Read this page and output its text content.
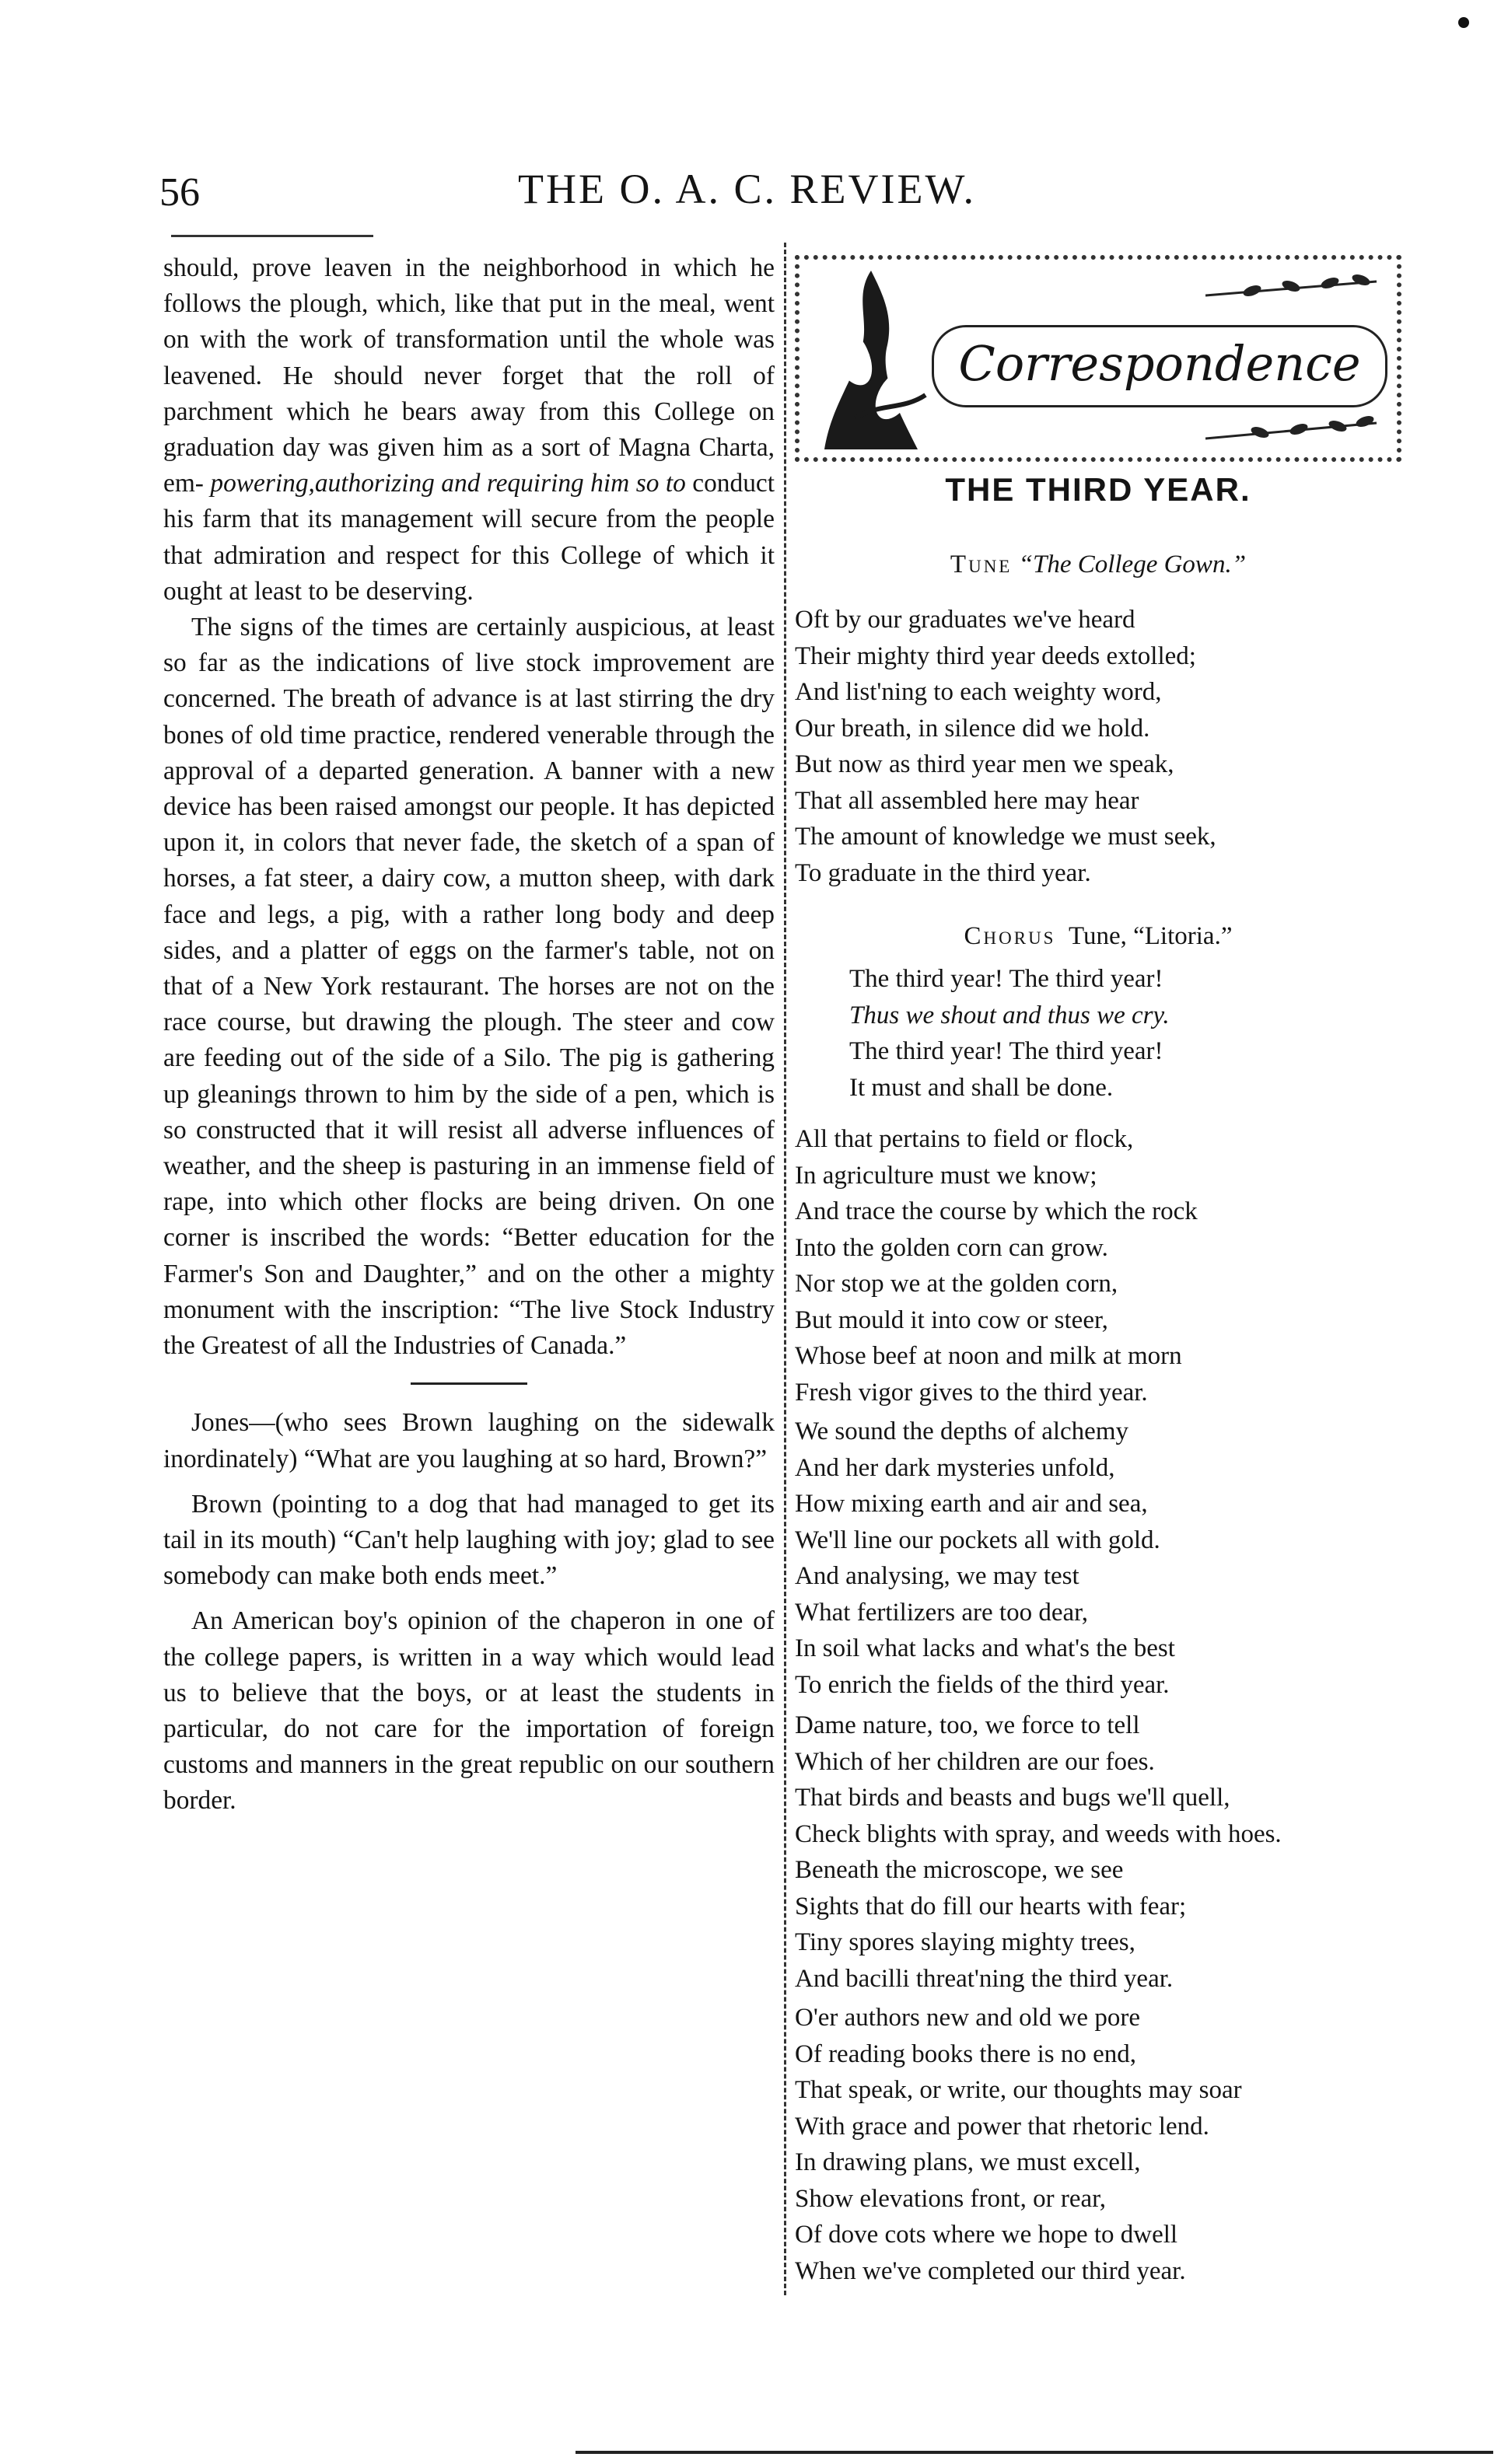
56	THE O. A. C. REVIEW.

should, prove leaven in the neighborhood in which he follows the plough, which, like that put in the meal, went on with the work of transformation until the whole was leavened. He should never forget that the roll of parchment which he bears away from this College on graduation day was given him as a sort of Magna Charta, em- powering,authorizing and requiring him so to conduct his farm that its management will secure from the people that admiration and respect for this College of which it ought at least to be deserving.

The signs of the times are certainly auspicious, at least so far as the indications of live stock improvement are concerned. The breath of advance is at last stirring the dry bones of old time practice, rendered venerable through the approval of a departed generation. A banner with a new device has been raised amongst our people. It has depicted upon it, in colors that never fade, the sketch of a span of horses, a fat steer, a dairy cow, a mutton sheep, with dark face and legs, a pig, with a rather long body and deep sides, and a platter of eggs on the farmer's table, not on that of a New York restaurant. The horses are not on the race course, but drawing the plough. The steer and cow are feeding out of the side of a Silo. The pig is gathering up gleanings thrown to him by the side of a pen, which is so constructed that it will resist all adverse influences of weather, and the sheep is pasturing in an immense field of rape, into which other flocks are being driven. On one corner is inscribed the words: “Better education for the Farmer's Son and Daughter,” and on the other a mighty monument with the inscription: “The live Stock Industry the Greatest of all the Industries of Canada.”

Jones—(who sees Brown laughing on the sidewalk inordinately) “What are you laughing at so hard, Brown?”

Brown (pointing to a dog that had managed to get its tail in its mouth) “Can't help laughing with joy; glad to see somebody can make both ends meet.”

An American boy's opinion of the chaperon in one of the college papers, is written in a way which would lead us to believe that the boys, or at least the students in particular, do not care for the importation of foreign customs and manners in the great republic on our southern border.

Correspondence
THE THIRD YEAR.
Tune “The College Gown.”
Oft by our graduates we've heard
Their mighty third year deeds extolled;
And list'ning to each weighty word,
Our breath, in silence did we hold.
But now as third year men we speak,
That all assembled here may hear
The amount of knowledge we must seek,
To graduate in the third year.
Chorus Tune, “Litoria.”
The third year! The third year!
Thus we shout and thus we cry.
The third year! The third year!
It must and shall be done.
All that pertains to field or flock,
In agriculture must we know;
And trace the course by which the rock
Into the golden corn can grow.
Nor stop we at the golden corn,
But mould it into cow or steer,
Whose beef at noon and milk at morn
Fresh vigor gives to the third year.
We sound the depths of alchemy
And her dark mysteries unfold,
How mixing earth and air and sea,
We'll line our pockets all with gold.
And analysing, we may test
What fertilizers are too dear,
In soil what lacks and what's the best
To enrich the fields of the third year.
Dame nature, too, we force to tell
Which of her children are our foes.
That birds and beasts and bugs we'll quell,
Check blights with spray, and weeds with hoes.
Beneath the microscope, we see
Sights that do fill our hearts with fear;
Tiny spores slaying mighty trees,
And bacilli threat'ning the third year.
O'er authors new and old we pore
Of reading books there is no end,
That speak, or write, our thoughts may soar
With grace and power that rhetoric lend.
In drawing plans, we must excell,
Show elevations front, or rear,
Of dove cots where we hope to dwell
When we've completed our third year.
